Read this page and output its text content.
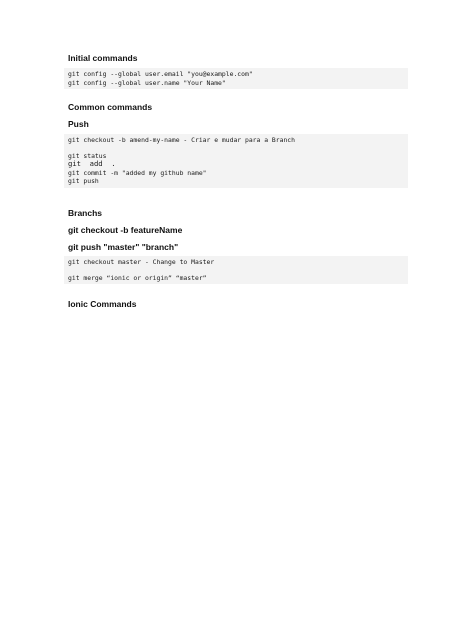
Initial commands
git config --global user.email "you@example.com"
git config --global user.name "Your Name"
Common commands
Push
git checkout -b amend-my-name - Criar e mudar para a Branch
git status
git  add  .
git commit -m "added my github name"
git push
Branchs
git checkout -b featureName
git push "master" "branch"
git checkout master - Change to Master
git merge “ionic or origin” “master”
Ionic Commands
